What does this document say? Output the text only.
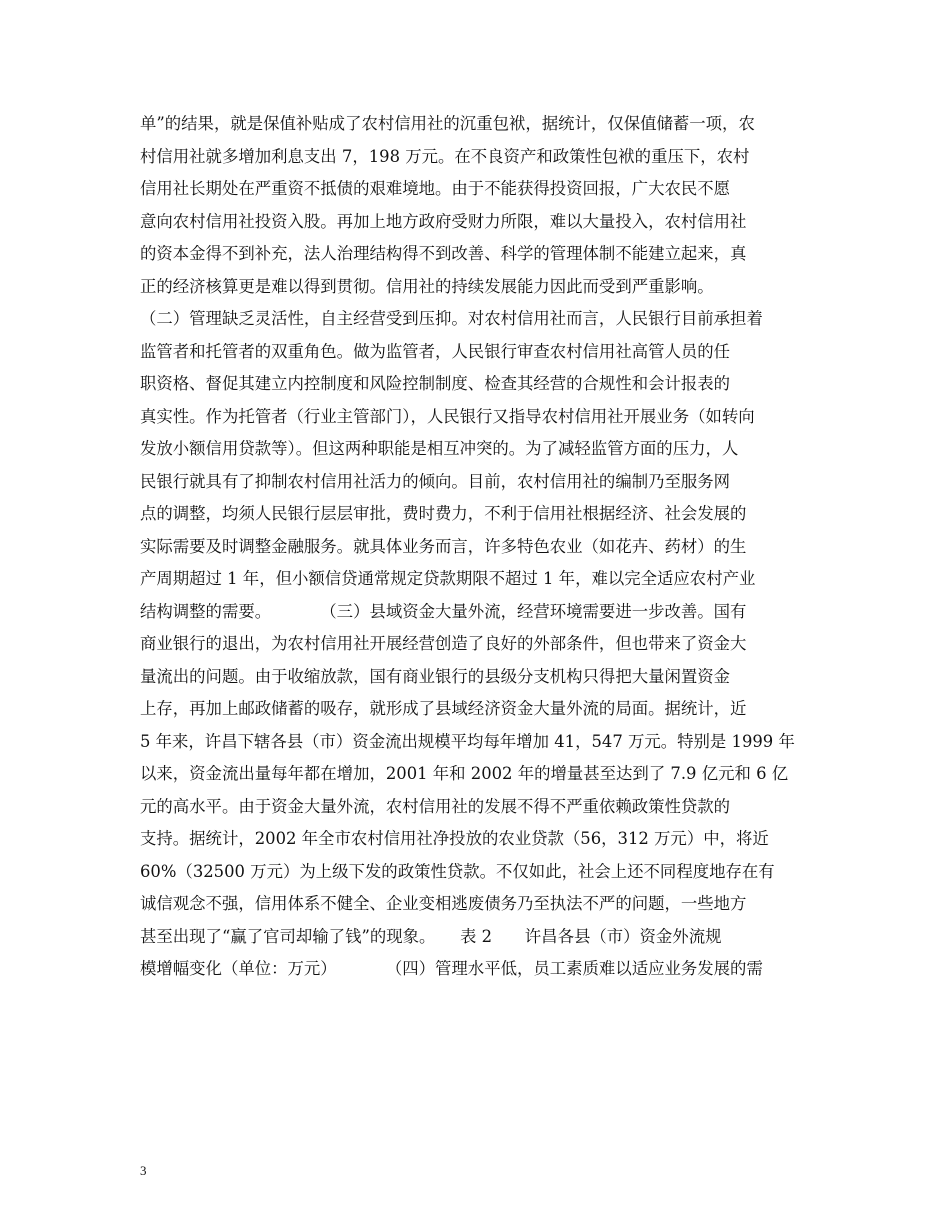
单”的结果，就是保值补贴成了农村信用社的沉重包袱，据统计，仅保值储蓄一项，农
村信用社就多增加利息支出 7，198 万元。在不良资产和政策性包袱的重压下，农村
信用社长期处在严重资不抵债的艰难境地。由于不能获得投资回报，广大农民不愿
意向农村信用社投资入股。再加上地方政府受财力所限，难以大量投入，农村信用社
的资本金得不到补充，法人治理结构得不到改善、科学的管理体制不能建立起来，真
正的经济核算更是难以得到贯彻。信用社的持续发展能力因此而受到严重影响。
（二）管理缺乏灵活性，自主经营受到压抑。对农村信用社而言，人民银行目前承担着
监管者和托管者的双重角色。做为监管者，人民银行审查农村信用社高管人员的任
职资格、督促其建立内控制度和风险控制制度、检查其经营的合规性和会计报表的
真实性。作为托管者（行业主管部门），人民银行又指导农村信用社开展业务（如转向
发放小额信用贷款等）。但这两种职能是相互冲突的。为了减轻监管方面的压力，人
民银行就具有了抑制农村信用社活力的倾向。目前，农村信用社的编制乃至服务网
点的调整，均须人民银行层层审批，费时费力，不利于信用社根据经济、社会发展的
实际需要及时调整金融服务。就具体业务而言，许多特色农业（如花卉、药材）的生
产周期超过 1 年，但小额信贷通常规定贷款期限不超过 1 年，难以完全适应农村产业
结构调整的需要。　　　　（三）县域资金大量外流，经营环境需要进一步改善。国有
商业银行的退出，为农村信用社开展经营创造了良好的外部条件，但也带来了资金大
量流出的问题。由于收缩放款，国有商业银行的县级分支机构只得把大量闲置资金
上存，再加上邮政储蓄的吸存，就形成了县域经济资金大量外流的局面。据统计，近
5 年来，许昌下辖各县（市）资金流出规模平均每年增加 41，547 万元。特别是 1999 年
以来，资金流出量每年都在增加，2001 年和 2002 年的增量甚至达到了 7.9 亿元和 6 亿
元的高水平。由于资金大量外流，农村信用社的发展不得不严重依赖政策性贷款的
支持。据统计，2002 年全市农村信用社净投放的农业贷款（56，312 万元）中，将近
60%（32500 万元）为上级下发的政策性贷款。不仅如此，社会上还不同程度地存在有
诚信观念不强，信用体系不健全、企业变相逃废债务乃至执法不严的问题，一些地方
甚至出现了“赢了官司却输了钱”的现象。　　表 2　　许昌各县（市）资金外流规
模增幅变化（单位：万元）　　　　（四）管理水平低，员工素质难以适应业务发展的需
3
